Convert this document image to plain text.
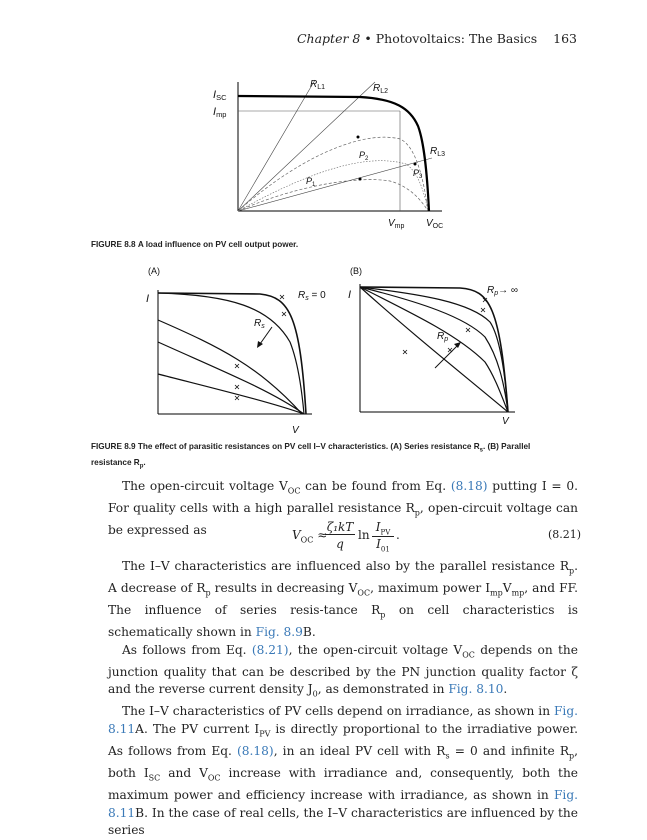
Chapter 8 • Photovoltaics: The Basics 163
ISC
Imp
$R_{L1}$	$R_{L2}$
$R_{L3}$
$P_1$
$P_2$
$P_3$
$V_{mp}$ $V_{OC}$
FIGURE 8.8 A load influence on PV cell output power.
(A)
I
V
$R_s = 0$
$R_s$
(B)
I
V
$R_p\to$ ∞
$R_p$
FIGURE 8.9 The effect of parasitic resistances on PV cell I–V characteristics. (A) Series resistance $R_s$. (B) Parallel resistance $R_p$.

The open-circuit voltage $V_{OC}$ can be found from Eq. (8.18) putting I = 0. For quality cells with a high parallel resistance $R_p$, open-circuit voltage can be expressed as	$V_{OC}$ ≈
ζ₁kT
q
ln
$I_{PV}$
$I_{01}$
.	(8.21)

The I–V characteristics are influenced also by the parallel resistance $R_p$. A decrease of $R_p$ results in decreasing $V_{OC}$, maximum power $I_{mp}V_{mp}$, and FF. The influence of series resis-tance $R_p$ on cell characteristics is schematically shown in Fig. 8.9B.

As follows from Eq. (8.21), the open-circuit voltage $V_{OC}$ depends on the junction quality that can be described by the PN junction quality factor ζ and the reverse current density $J_0$, as demonstrated in Fig. 8.10.

The I–V characteristics of PV cells depend on irradiance, as shown in Fig. 8.11A. The PV current $I_{PV}$ is directly proportional to the irradiative power. As follows from Eq. (8.18), in an ideal PV cell with $R_s = 0$ and infinite $R_p$, both $I_{SC}$ and $V_{OC}$ increase with irradiance and, consequently, both the maximum power and efficiency increase with irradiance, as shown in Fig. 8.11B. In the case of real cells, the I–V characteristics are influenced by the series
